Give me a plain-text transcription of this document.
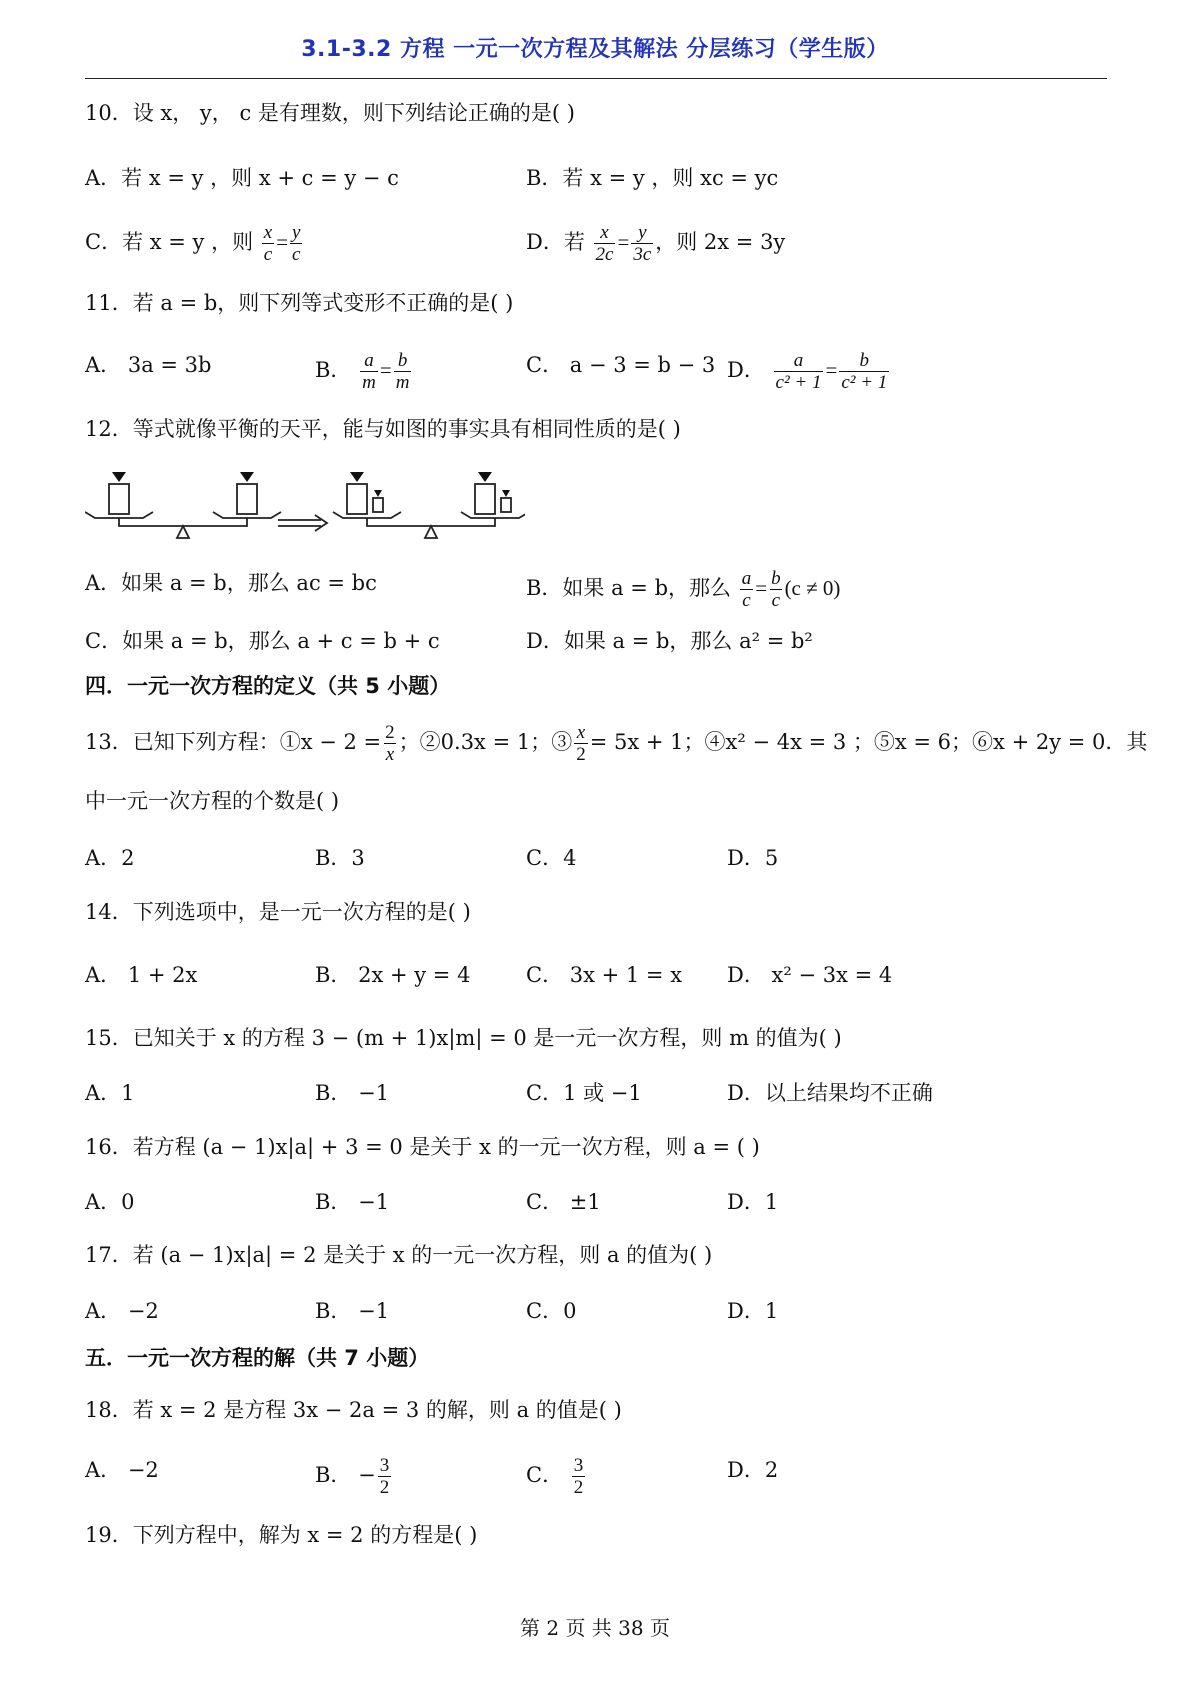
3.1-3.2 方程 一元一次方程及其解法 分层练习（学生版）
10．设 x， y， c 是有理数，则下列结论正确的是( )
A．若 x = y ，则 x + c = y − c	B．若 x = y ，则 xc = yc
C．若 x = y ，则 $\frac{x}{c} = \frac{y}{c}$	D．若 $\frac{x}{2c} = \frac{y}{3c}$ ，则 2x = 3y
11．若 a = b，则下列等式变形不正确的是( )
A． 3a = 3b	B． $\frac{a}{m} = \frac{b}{m}$	C． a − 3 = b − 3 D． $\frac{a}{\text{c² + 1}} = \frac{b}{\text{c² + 1}}$
12．等式就像平衡的天平，能与如图的事实具有相同性质的是( )
A．如果 a = b，那么 ac = bc	B．如果 a = b，那么 $\frac{a}{c} = \frac{b}{c} (c \ne 0)$
C．如果 a = b，那么 a + c = b + c	D．如果 a = b，那么 a² = b²
四．一元一次方程的定义（共 5 小题）
13．已知下列方程：①x − $2 = \frac{2}{x}$ ；②0.3x = 1；③ $\frac{x}{2} = 5x + 1$；④x² − 4x = 3 ；⑤x = 6；⑥x + 2y = 0．其
中一元一次方程的个数是( )
A．2	B．3	C．4	D．5
14．下列选项中，是一元一次方程的是( )
A． 1 + 2x	B． 2x + y = 4	C． 3x + 1 = x D． x² − 3x = 4
15．已知关于 x 的方程 3 − (m + 1)x|m| = 0 是一元一次方程，则 m 的值为( )
A．1	B． −1	C．1 或 −1	D．以上结果均不正确
16．若方程 (a − 1)x|a| + 3 = 0 是关于 x 的一元一次方程，则 a = ( )
A．0	B． −1	C． ±1	D．1
17．若 (a − 1)x|a| = 2 是关于 x 的一元一次方程，则 a 的值为( )
A． −2	B． −1	C．0	D．1
五．一元一次方程的解（共 7 小题）
18．若 x = 2 是方程 3x − 2a = 3 的解，则 a 的值是( )
A． −2	B． − $\frac{3}{2}$	C． $\frac{3}{2}$	D．2
19．下列方程中，解为 x = 2 的方程是( )
第 2 页 共 38 页
